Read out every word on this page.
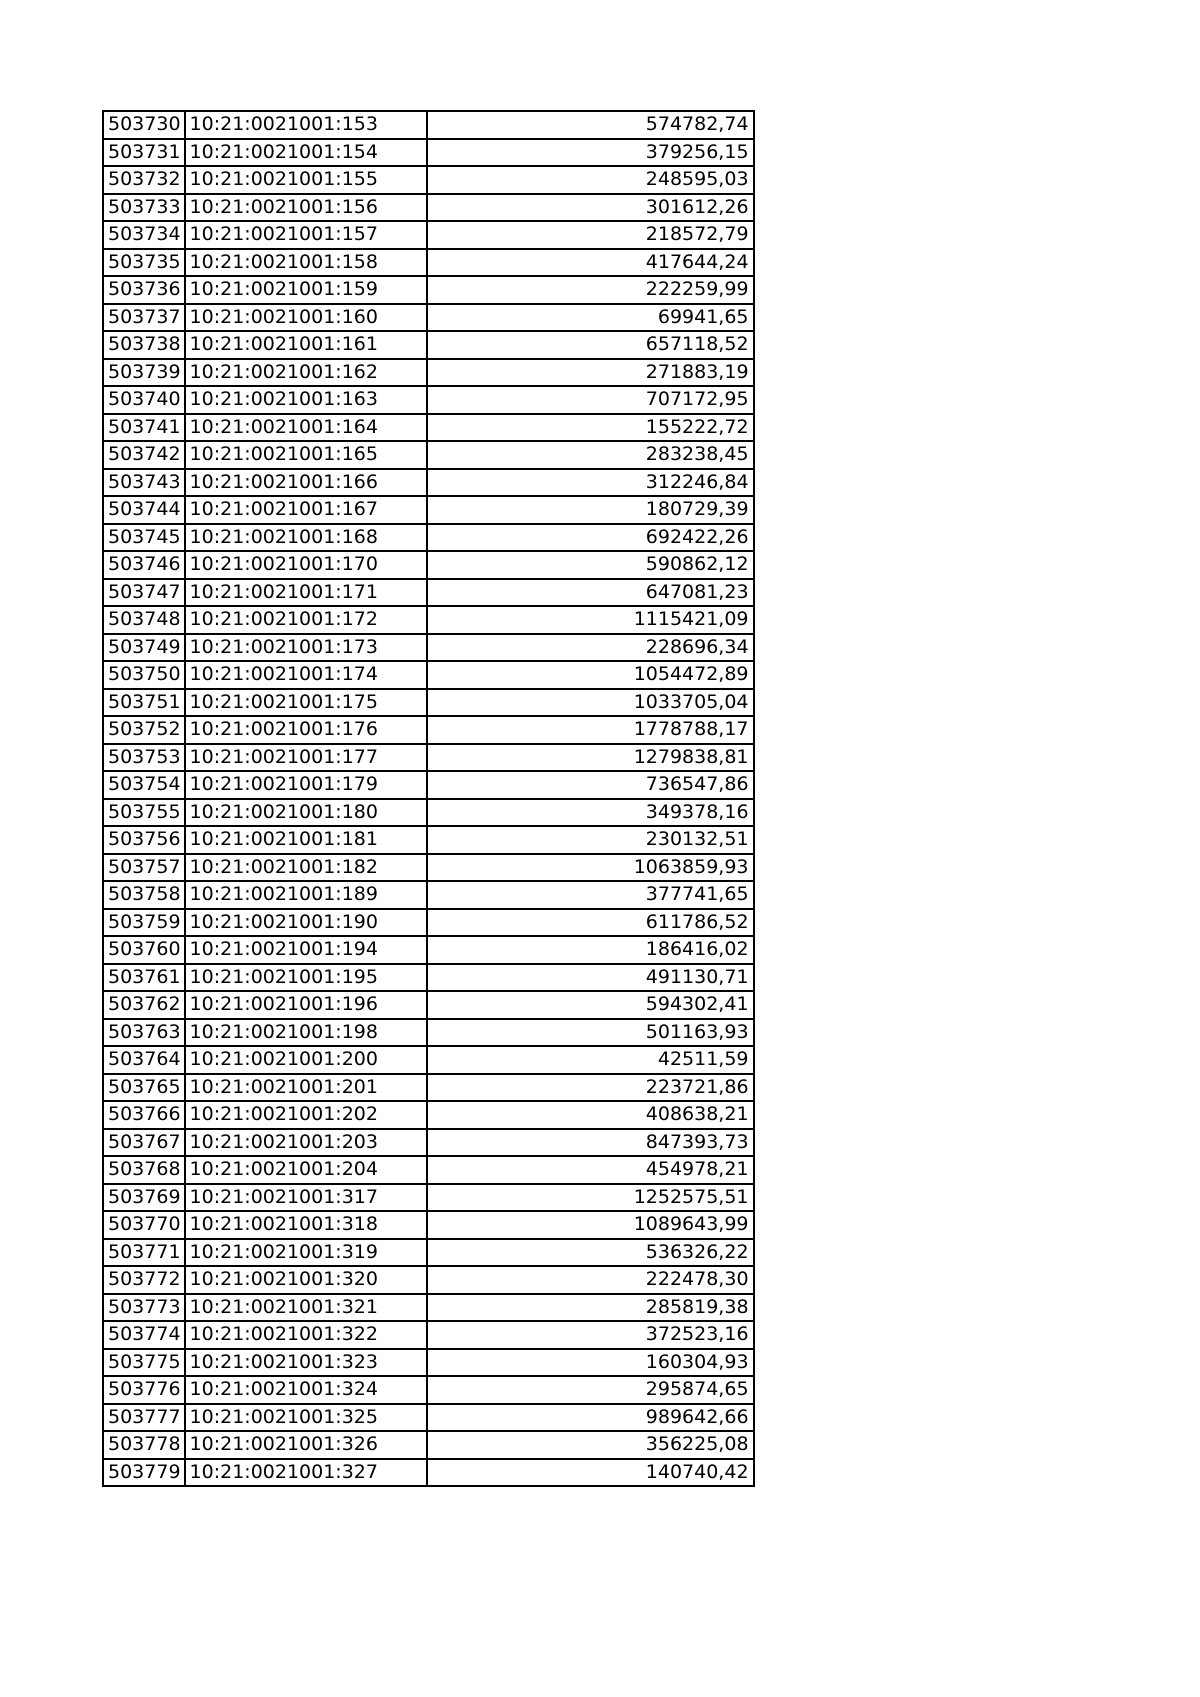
503730	10:21:0021001:153	574782,74
503731	10:21:0021001:154	379256,15
503732	10:21:0021001:155	248595,03
503733	10:21:0021001:156	301612,26
503734	10:21:0021001:157	218572,79
503735	10:21:0021001:158	417644,24
503736	10:21:0021001:159	222259,99
503737	10:21:0021001:160	69941,65
503738	10:21:0021001:161	657118,52
503739	10:21:0021001:162	271883,19
503740	10:21:0021001:163	707172,95
503741	10:21:0021001:164	155222,72
503742	10:21:0021001:165	283238,45
503743	10:21:0021001:166	312246,84
503744	10:21:0021001:167	180729,39
503745	10:21:0021001:168	692422,26
503746	10:21:0021001:170	590862,12
503747	10:21:0021001:171	647081,23
503748	10:21:0021001:172	1115421,09
503749	10:21:0021001:173	228696,34
503750	10:21:0021001:174	1054472,89
503751	10:21:0021001:175	1033705,04
503752	10:21:0021001:176	1778788,17
503753	10:21:0021001:177	1279838,81
503754	10:21:0021001:179	736547,86
503755	10:21:0021001:180	349378,16
503756	10:21:0021001:181	230132,51
503757	10:21:0021001:182	1063859,93
503758	10:21:0021001:189	377741,65
503759	10:21:0021001:190	611786,52
503760	10:21:0021001:194	186416,02
503761	10:21:0021001:195	491130,71
503762	10:21:0021001:196	594302,41
503763	10:21:0021001:198	501163,93
503764	10:21:0021001:200	42511,59
503765	10:21:0021001:201	223721,86
503766	10:21:0021001:202	408638,21
503767	10:21:0021001:203	847393,73
503768	10:21:0021001:204	454978,21
503769	10:21:0021001:317	1252575,51
503770	10:21:0021001:318	1089643,99
503771	10:21:0021001:319	536326,22
503772	10:21:0021001:320	222478,30
503773	10:21:0021001:321	285819,38
503774	10:21:0021001:322	372523,16
503775	10:21:0021001:323	160304,93
503776	10:21:0021001:324	295874,65
503777	10:21:0021001:325	989642,66
503778	10:21:0021001:326	356225,08
503779	10:21:0021001:327	140740,42
